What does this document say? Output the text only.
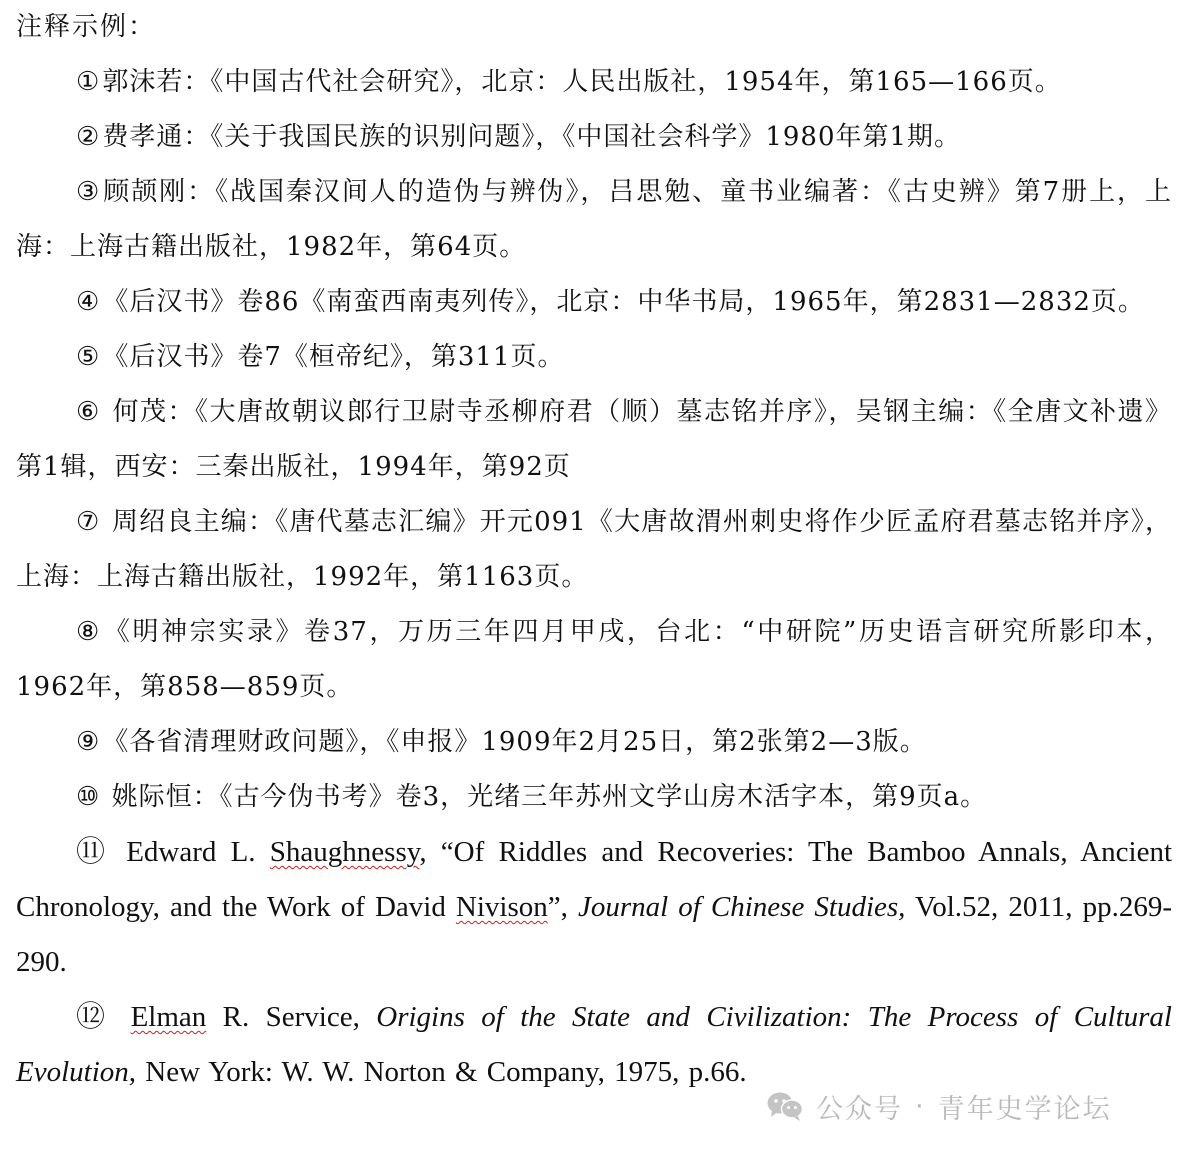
注释示例：

①郭沫若：《中国古代社会研究》，北京：人民出版社，1954年，第165—166页。

②费孝通：《关于我国民族的识别问题》，《中国社会科学》1980年第1期。

③顾颉刚：《战国秦汉间人的造伪与辨伪》，吕思勉、童书业编著：《古史辨》第7册上，上海：上海古籍出版社，1982年，第64页。

④《后汉书》卷86《南蛮西南夷列传》，北京：中华书局，1965年，第2831—2832页。

⑤《后汉书》卷7《桓帝纪》，第311页。

⑥ 何茂：《大唐故朝议郎行卫尉寺丞柳府君（顺）墓志铭并序》，吴钢主编：《全唐文补遗》第1辑，西安：三秦出版社，1994年，第92页

⑦ 周绍良主编：《唐代墓志汇编》开元091《大唐故渭州刺史将作少匠孟府君墓志铭并序》，上海：上海古籍出版社，1992年，第1163页。

⑧《明神宗实录》卷37，万历三年四月甲戌，台北：“中研院”历史语言研究所影印本，1962年，第858—859页。

⑨《各省清理财政问题》，《申报》1909年2月25日，第2张第2—3版。

⑩ 姚际恒：《古今伪书考》卷3，光绪三年苏州文学山房木活字本，第9页a。

⑪ Edward L. Shaughnessy, “Of Riddles and Recoveries: The Bamboo Annals, Ancient Chronology, and the Work of David Nivison”, Journal of Chinese Studies, Vol.52, 2011, pp.269-290.

⑫ Elman R. Service, Origins of the State and Civilization: The Process of Cultural Evolution, New York: W. W. Norton & Company, 1975, p.66.

公众号 · 青年史学论坛
